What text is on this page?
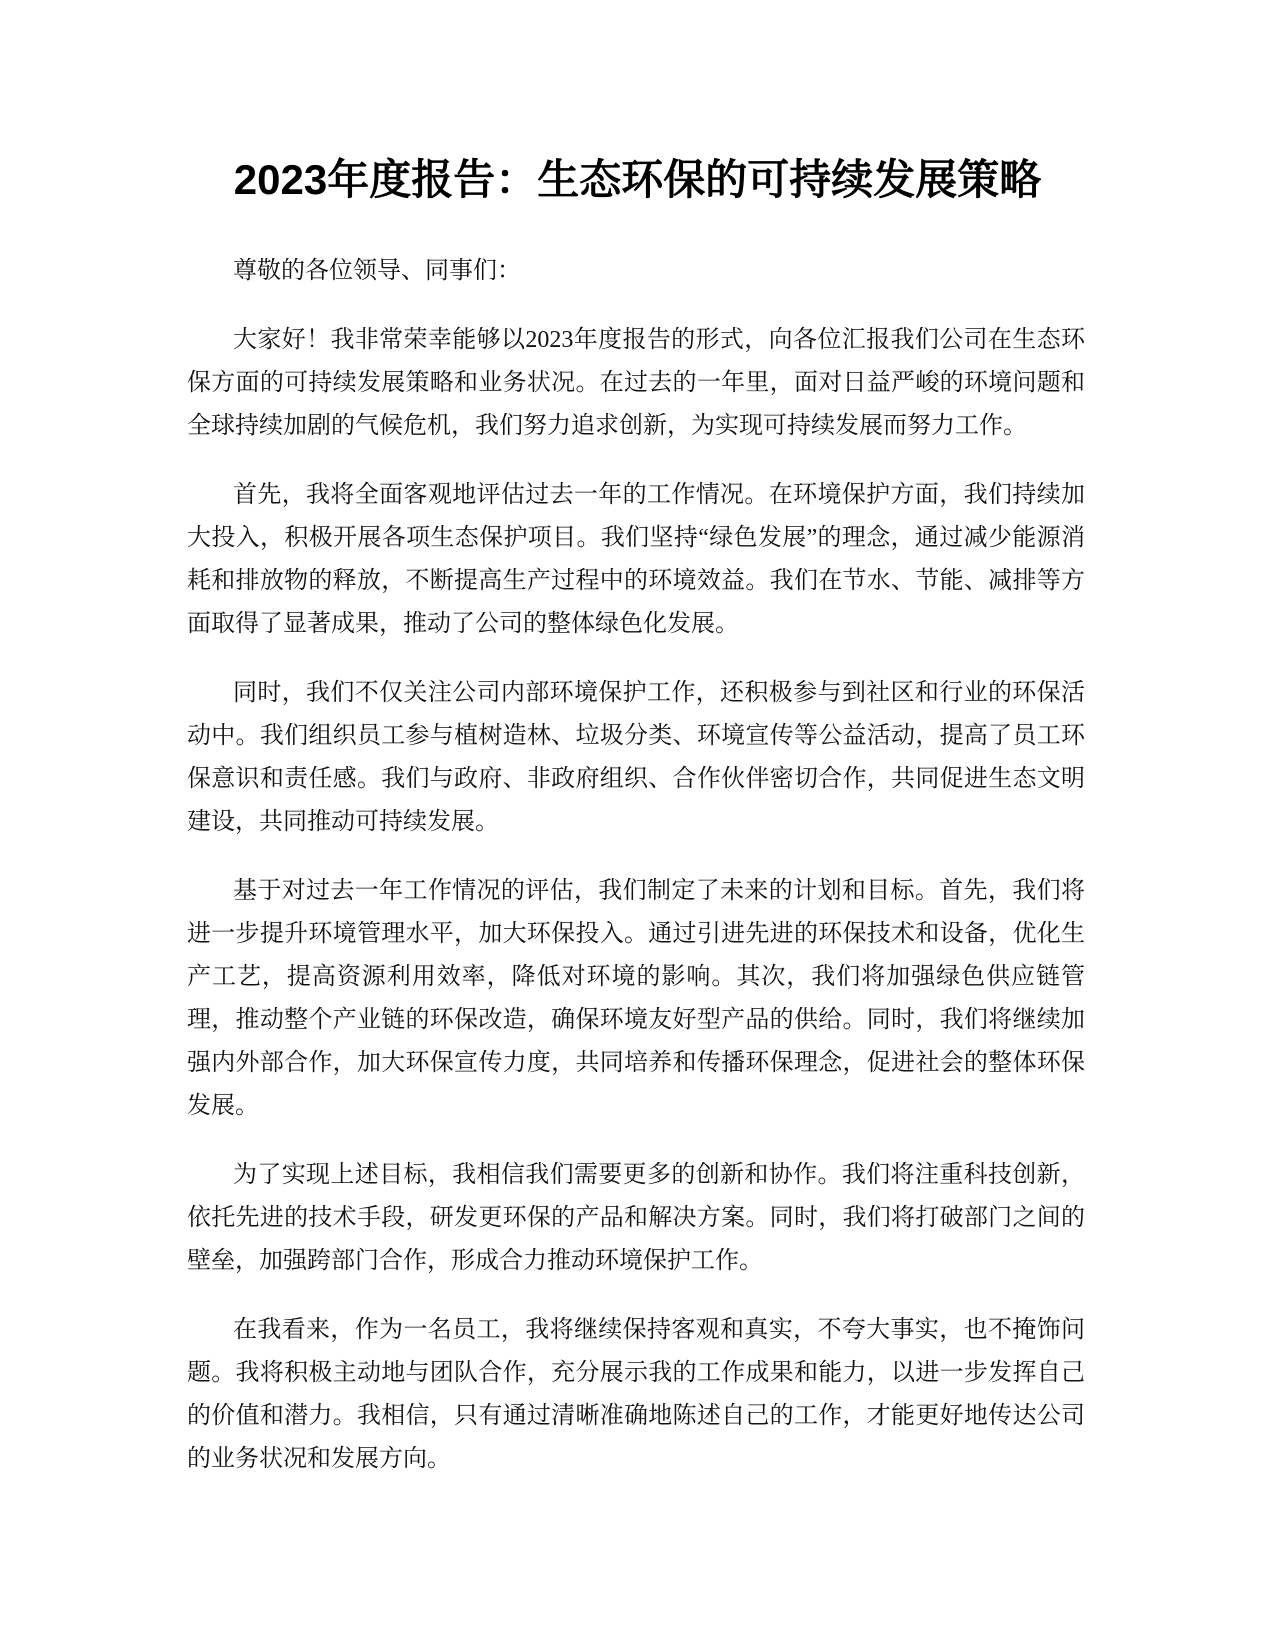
2023年度报告：生态环保的可持续发展策略

尊敬的各位领导、同事们：

大家好！我非常荣幸能够以2023年度报告的形式，向各位汇报我们公司在生态环保方面的可持续发展策略和业务状况。在过去的一年里，面对日益严峻的环境问题和全球持续加剧的气候危机，我们努力追求创新，为实现可持续发展而努力工作。

首先，我将全面客观地评估过去一年的工作情况。在环境保护方面，我们持续加大投入，积极开展各项生态保护项目。我们坚持“绿色发展”的理念，通过减少能源消耗和排放物的释放，不断提高生产过程中的环境效益。我们在节水、节能、减排等方面取得了显著成果，推动了公司的整体绿色化发展。

同时，我们不仅关注公司内部环境保护工作，还积极参与到社区和行业的环保活动中。我们组织员工参与植树造林、垃圾分类、环境宣传等公益活动，提高了员工环保意识和责任感。我们与政府、非政府组织、合作伙伴密切合作，共同促进生态文明建设，共同推动可持续发展。

基于对过去一年工作情况的评估，我们制定了未来的计划和目标。首先，我们将进一步提升环境管理水平，加大环保投入。通过引进先进的环保技术和设备，优化生产工艺，提高资源利用效率，降低对环境的影响。其次，我们将加强绿色供应链管理，推动整个产业链的环保改造，确保环境友好型产品的供给。同时，我们将继续加强内外部合作，加大环保宣传力度，共同培养和传播环保理念，促进社会的整体环保发展。

为了实现上述目标，我相信我们需要更多的创新和协作。我们将注重科技创新，依托先进的技术手段，研发更环保的产品和解决方案。同时，我们将打破部门之间的壁垒，加强跨部门合作，形成合力推动环境保护工作。

在我看来，作为一名员工，我将继续保持客观和真实，不夸大事实，也不掩饰问题。我将积极主动地与团队合作，充分展示我的工作成果和能力，以进一步发挥自己的价值和潜力。我相信，只有通过清晰准确地陈述自己的工作，才能更好地传达公司的业务状况和发展方向。
